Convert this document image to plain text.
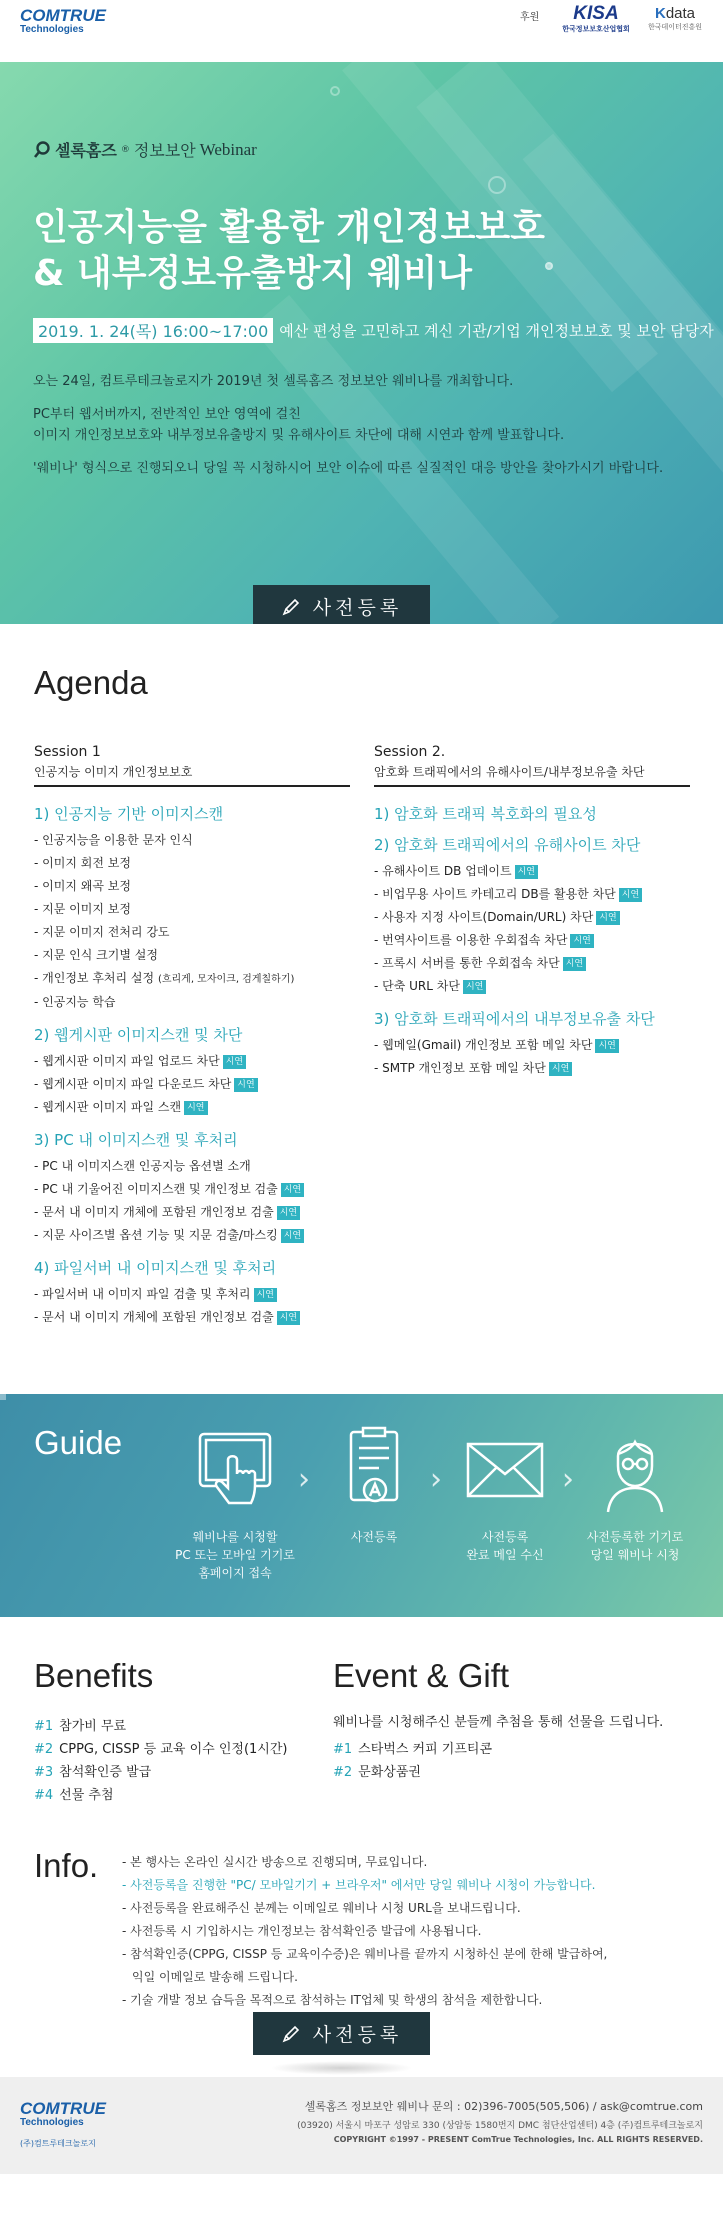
COMTRUE
Technologies
후원	KISA
한국정보보호산업협회
Kdata
한국데이터진흥원
셀록홈즈 ® 정보보안 Webinar
인공지능을 활용한 개인정보보호
& 내부정보유출방지 웨비나
2019. 1. 24(목) 16:00~17:00 예산 편성을 고민하고 계신 기관/기업 개인정보보호 및 보안 담당자

오는 24일, 컴트루테크놀로지가 2019년 첫 셀록홈즈 정보보안 웨비나를 개최합니다.

PC부터 웹서버까지, 전반적인 보안 영역에 걸친
이미지 개인정보보호와 내부정보유출방지 및 유해사이트 차단에 대해 시연과 함께 발표합니다.

'웨비나' 형식으로 진행되오니 당일 꼭 시청하시어 보안 이슈에 따른 실질적인 대응 방안을 찾아가시기 바랍니다.

사전등록
Agenda
Session 1
인공지능 이미지 개인정보보호
1) 인공지능 기반 이미지스캔
- 인공지능을 이용한 문자 인식
- 이미지 회전 보정
- 이미지 왜곡 보정
- 지문 이미지 보정
- 지문 이미지 전처리 강도
- 지문 인식 크기별 설정
- 개인정보 후처리 설정 (흐리게, 모자이크, 검게칠하기)
- 인공지능 학습
2) 웹게시판 이미지스캔 및 차단
- 웹게시판 이미지 파일 업로드 차단 시연
- 웹게시판 이미지 파일 다운로드 차단 시연
- 웹게시판 이미지 파일 스캔 시연
3) PC 내 이미지스캔 및 후처리
- PC 내 이미지스캔 인공지능 옵션별 소개
- PC 내 기울어진 이미지스캔 및 개인정보 검출 시연
- 문서 내 이미지 개체에 포함된 개인정보 검출 시연
- 지문 사이즈별 옵션 기능 및 지문 검출/마스킹 시연
4) 파일서버 내 이미지스캔 및 후처리
- 파일서버 내 이미지 파일 검출 및 후처리 시연
- 문서 내 이미지 개체에 포함된 개인정보 검출 시연
Session 2.
암호화 트래픽에서의 유해사이트/내부정보유출 차단
1) 암호화 트래픽 복호화의 필요성
2) 암호화 트래픽에서의 유해사이트 차단
- 유해사이트 DB 업데이트 시연
- 비업무용 사이트 카테고리 DB를 활용한 차단 시연
- 사용자 지정 사이트(Domain/URL) 차단 시연
- 번역사이트를 이용한 우회접속 차단 시연
- 프록시 서버를 통한 우회접속 차단 시연
- 단축 URL 차단 시연
3) 암호화 트래픽에서의 내부정보유출 차단
- 웹메일(Gmail) 개인정보 포함 메일 차단 시연
- SMTP 개인정보 포함 메일 차단 시연
Guide
웨비나를 시청할
PC 또는 모바일 기기로
홈페이지 접속
›
사전등록
›
사전등록
완료 메일 수신
›
사전등록한 기기로
당일 웨비나 시청
Benefits
#1 참가비 무료
#2 CPPG, CISSP 등 교육 이수 인정(1시간)
#3 참석확인증 발급
#4 선물 추첨
Event & Gift
웨비나를 시청해주신 분들께 추첨을 통해 선물을 드립니다.
#1 스타벅스 커피 기프티콘
#2 문화상품권
Info. - 본 행사는 온라인 실시간 방송으로 진행되며, 무료입니다.
- 사전등록을 진행한 "PC/ 모바일기기 + 브라우저" 에서만 당일 웨비나 시청이 가능합니다.
- 사전등록을 완료해주신 분께는 이메일로 웨비나 시청 URL을 보내드립니다.
- 사전등록 시 기입하시는 개인정보는 참석확인증 발급에 사용됩니다.
- 참석확인증(CPPG, CISSP 등 교육이수증)은 웨비나를 끝까지 시청하신 분에 한해 발급하여,
익일 이메일로 발송해 드립니다.
- 기술 개발 정보 습득을 목적으로 참석하는 IT업체 및 학생의 참석을 제한합니다.
사전등록
COMTRUE
Technologies
(주)컴트루테크놀로지
셀록홈즈 정보보안 웨비나 문의 : 02)396-7005(505,506) / ask@comtrue.com
(03920) 서울시 마포구 성암로 330 (상암동 1580번지 DMC 첨단산업센터) 4층 (주)컴트루테크놀로지
COPYRIGHT ©1997 - PRESENT ComTrue Technologies, Inc. ALL RIGHTS RESERVED.
